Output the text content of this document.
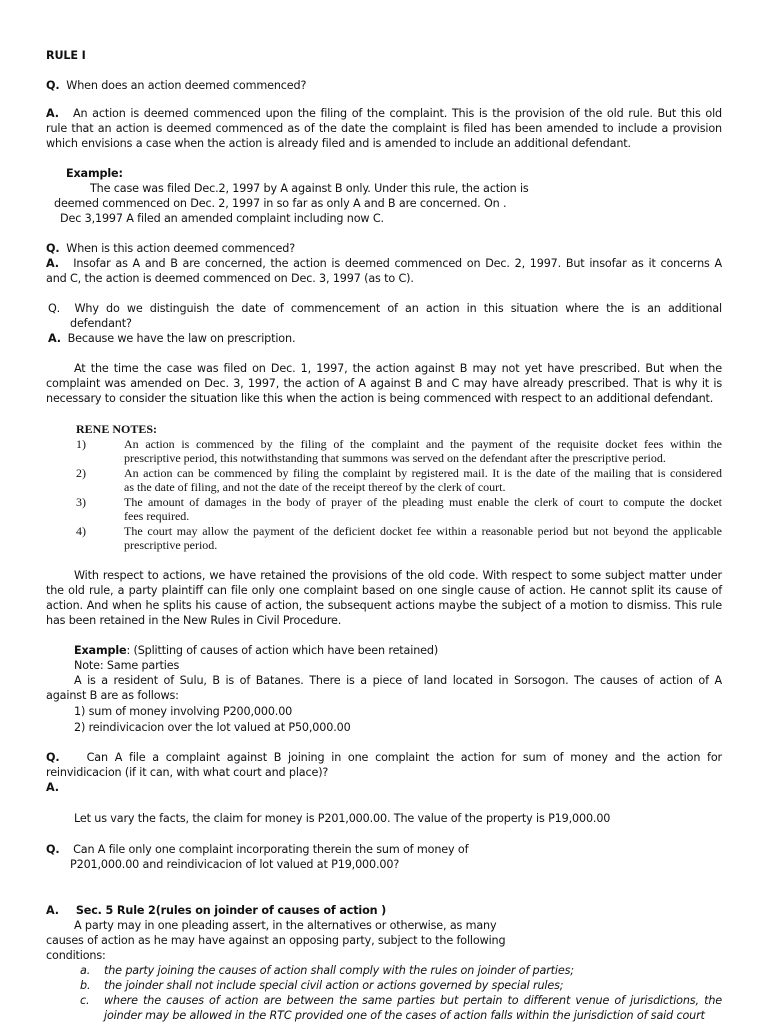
RULE I
Q. When does an action deemed commenced?
A. An action is deemed commenced upon the filing of the complaint. This is the provision of the old rule. But this old
rule that an action is deemed commenced as of the date the complaint is filed has been amended to include a provision
which envisions a case when the action is already filed and is amended to include an additional defendant.
Example:
The case was filed Dec.2, 1997 by A against B only. Under this rule, the action is
deemed commenced on Dec. 2, 1997 in so far as only A and B are concerned. On .
Dec 3,1997 A filed an amended complaint including now C.
Q. When is this action deemed commenced?
A. Insofar as A and B are concerned, the action is deemed commenced on Dec. 2, 1997. But insofar as it concerns A
and C, the action is deemed commenced on Dec. 3, 1997 (as to C).
Q. Why do we distinguish the date of commencement of an action in this situation where the is an additional
defendant?
A. Because we have the law on prescription.
At the time the case was filed on Dec. 1, 1997, the action against B may not yet have prescribed. But when the
complaint was amended on Dec. 3, 1997, the action of A against B and C may have already prescribed. That is why it is
necessary to consider the situation like this when the action is being commenced with respect to an additional defendant.
RENE NOTES:
1)	An action is commenced by the filing of the complaint and the payment of the requisite docket fees within the
prescriptive period, this notwithstanding that summons was served on the defendant after the prescriptive period.
2)	An action can be commenced by filing the complaint by registered mail. It is the date of the mailing that is considered
as the date of filing, and not the date of the receipt thereof by the clerk of court.
3)	The amount of damages in the body of prayer of the pleading must enable the clerk of court to compute the docket
fees required.
4)	The court may allow the payment of the deficient docket fee within a reasonable period but not beyond the applicable
prescriptive period.
With respect to actions, we have retained the provisions of the old code. With respect to some subject matter under
the old rule, a party plaintiff can file only one complaint based on one single cause of action. He cannot split its cause of
action. And when he splits his cause of action, the subsequent actions maybe the subject of a motion to dismiss. This rule
has been retained in the New Rules in Civil Procedure.
Example: (Splitting of causes of action which have been retained)
Note: Same parties
A is a resident of Sulu, B is of Batanes. There is a piece of land located in Sorsogon. The causes of action of A
against B are as follows:
1) sum of money involving P200,000.00
2) reindivicacion over the lot valued at P50,000.00
Q. Can A file a complaint against B joining in one complaint the action for sum of money and the action for
reinvidicacion (if it can, with what court and place)?
A.
Let us vary the facts, the claim for money is P201,000.00. The value of the property is P19,000.00
Q. Can A file only one complaint incorporating therein the sum of money of
P201,000.00 and reindivicacion of lot valued at P19,000.00?
A. Sec. 5 Rule 2(rules on joinder of causes of action )
A party may in one pleading assert, in the alternatives or otherwise, as many
causes of action as he may have against an opposing party, subject to the following
conditions:
a. the party joining the causes of action shall comply with the rules on joinder of parties;
b. the joinder shall not include special civil action or actions governed by special rules;
c. where the causes of action are between the same parties but pertain to different venue of jurisdictions, the
joinder may be allowed in the RTC provided one of the cases of action falls within the jurisdiction of said court
